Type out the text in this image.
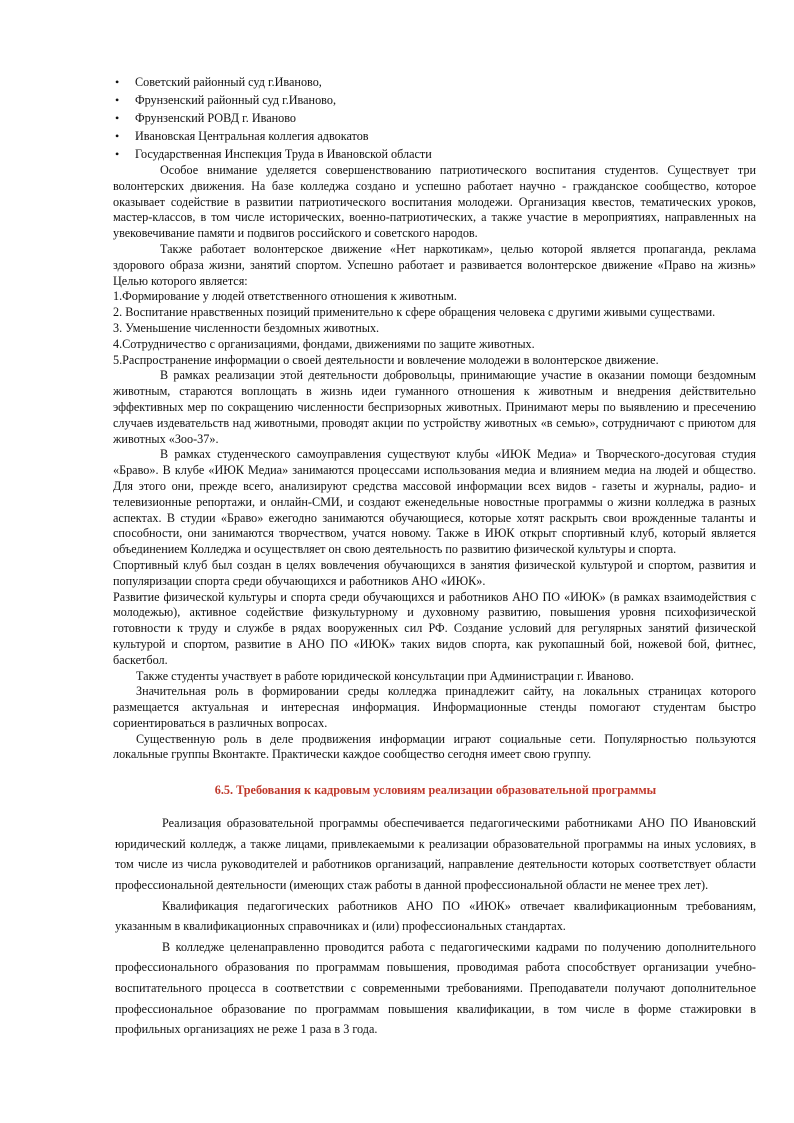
• Советский районный суд г.Иваново,
• Фрунзенский районный суд г.Иваново,
• Фрунзенский РОВД г. Иваново
• Ивановская Центральная коллегия адвокатов
• Государственная Инспекция Труда в Ивановской области

Особое внимание уделяется совершенствованию патриотического воспитания студентов. Существует три волонтерских движения. На базе колледжа создано и успешно работает научно - гражданское сообщество, которое оказывает содействие в развитии патриотического воспитания молодежи. Организация квестов, тематических уроков, мастер-классов, в том числе исторических, военно-патриотических, а также участие в мероприятиях, направленных на увековечивание памяти и подвигов российского и советского народов.

Также работает волонтерское движение «Нет наркотикам», целью которой является пропаганда, реклама здорового образа жизни, занятий спортом. Успешно работает и развивается волонтерское движение «Право на жизнь» Целью которого является:

1.Формирование у людей ответственного отношения к животным.

2. Воспитание нравственных позиций применительно к сфере обращения человека с другими живыми существами.

3. Уменьшение численности бездомных животных.

4.Сотрудничество с организациями, фондами, движениями по защите животных.

5.Распространение информации о своей деятельности и вовлечение молодежи в волонтерское движение.

В рамках реализации этой деятельности добровольцы, принимающие участие в оказании помощи бездомным животным, стараются воплощать в жизнь идеи гуманного отношения к животным и внедрения действительно эффективных мер по сокращению численности беспризорных животных. Принимают меры по выявлению и пресечению случаев издевательств над животными, проводят акции по устройству животных «в семью», сотрудничают с приютом для животных «Зоо-37».

В рамках студенческого самоуправления существуют клубы «ИЮК Медиа» и Творческого-досуговая студия «Браво». В клубе «ИЮК Медиа» занимаются процессами использования медиа и влиянием медиа на людей и общество. Для этого они, прежде всего, анализируют средства массовой информации всех видов - газеты и журналы, радио- и телевизионные репортажи, и онлайн-СМИ, и создают еженедельные новостные программы о жизни колледжа в разных аспектах. В студии «Браво» ежегодно занимаются обучающиеся, которые хотят раскрыть свои врожденные таланты и способности, они занимаются творчеством, учатся новому. Также в ИЮК открыт спортивный клуб, который является объединением Колледжа и осуществляет он свою деятельность по развитию физической культуры и спорта.

Спортивный клуб был создан в целях вовлечения обучающихся в занятия физической культурой и спортом, развития и популяризации спорта среди обучающихся и работников АНО «ИЮК».

Развитие физической культуры и спорта среди обучающихся и работников АНО ПО «ИЮК» (в рамках взаимодействия с молодежью), активное содействие физкультурному и духовному развитию, повышения уровня психофизической готовности к труду и службе в рядах вооруженных сил РФ. Создание условий для регулярных занятий физической культурой и спортом, развитие в АНО ПО «ИЮК» таких видов спорта, как рукопашный бой, ножевой бой, фитнес, баскетбол.

Также студенты участвует в работе юридической консультации при Администрации г. Иваново.

Значительная роль в формировании среды колледжа принадлежит сайту, на локальных страницах которого размещается актуальная и интересная информация. Информационные стенды помогают студентам быстро сориентироваться в различных вопросах.

Существенную роль в деле продвижения информации играют социальные сети. Популярностью пользуются локальные группы Вконтакте. Практически каждое сообщество сегодня имеет свою группу.

6.5. Требования к кадровым условиям реализации образовательной программы

Реализация образовательной программы обеспечивается педагогическими работниками АНО ПО Ивановский юридический колледж, а также лицами, привлекаемыми к реализации образовательной программы на иных условиях, в том числе из числа руководителей и работников организаций, направление деятельности которых соответствует области профессиональной деятельности (имеющих стаж работы в данной профессиональной области не менее трех лет).

Квалификация педагогических работников АНО ПО «ИЮК» отвечает квалификационным требованиям, указанным в квалификационных справочниках и (или) профессиональных стандартах.

В колледже целенаправленно проводится работа с педагогическими кадрами по получению дополнительного профессионального образования по программам повышения, проводимая работа способствует организации учебно-воспитательного процесса в соответствии с современными требованиями. Преподаватели получают дополнительное профессиональное образование по программам повышения квалификации, в том числе в форме стажировки в профильных организациях не реже 1 раза в 3 года.
